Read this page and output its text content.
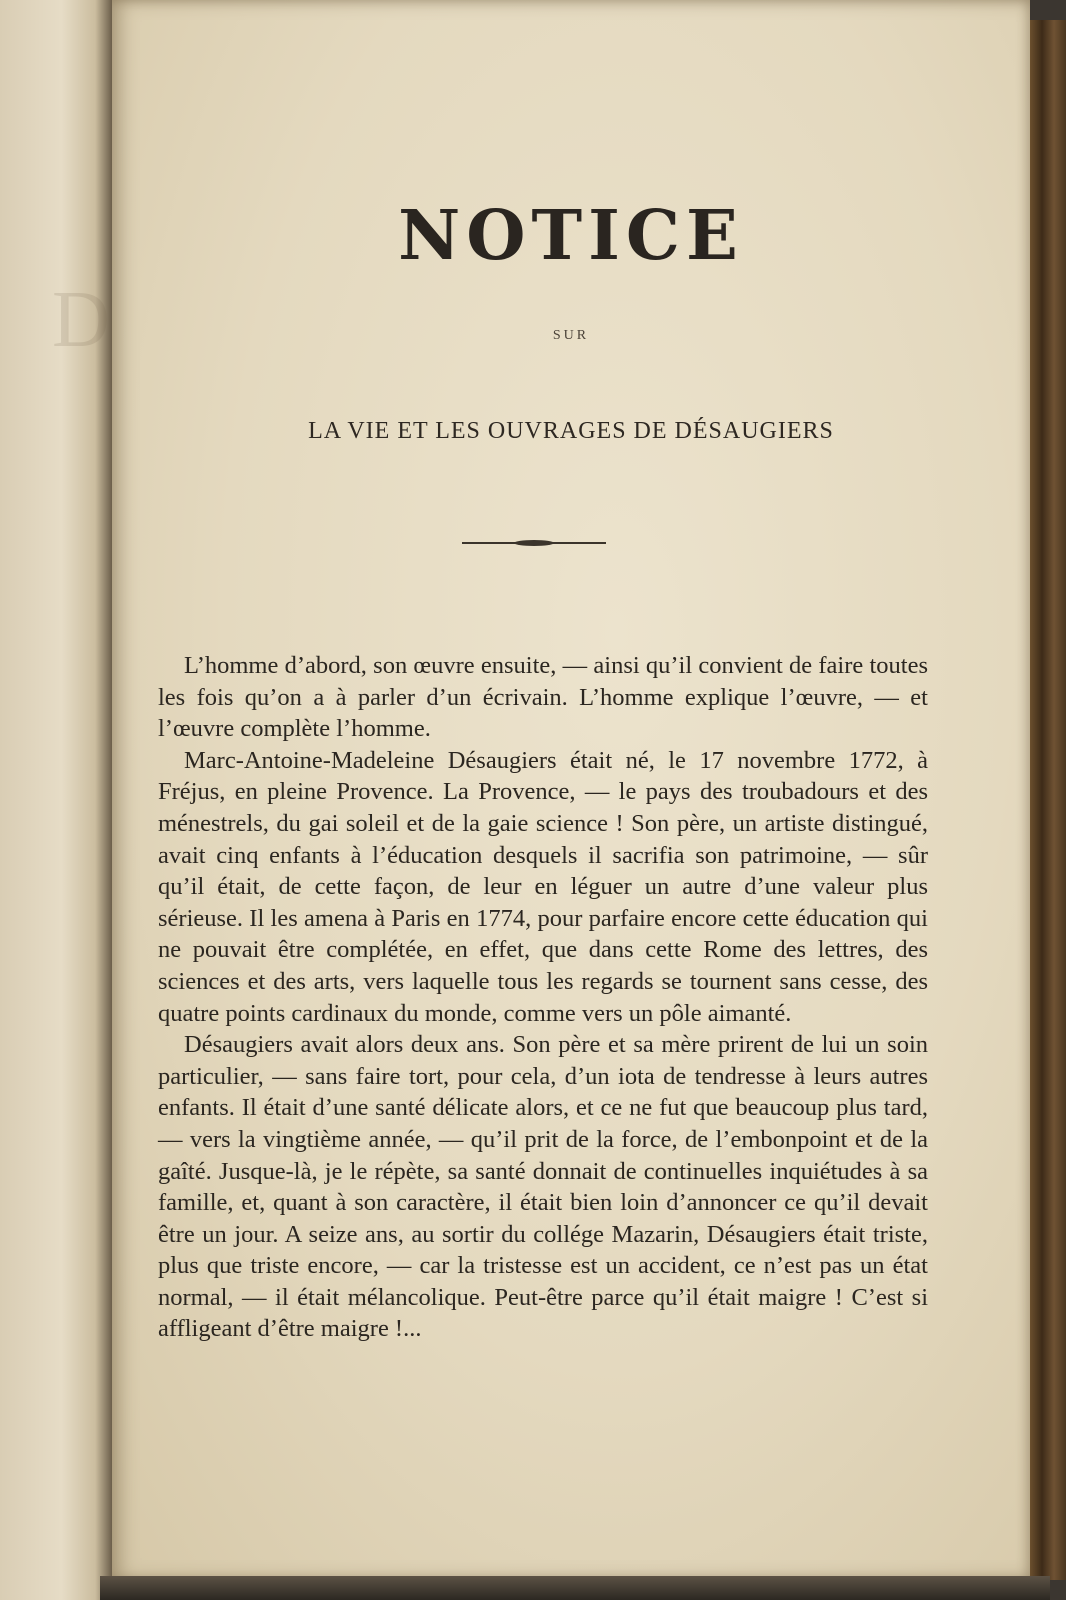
D
NOTICE
SUR
LA VIE ET LES OUVRAGES DE DÉSAUGIERS

L’homme d’abord, son œuvre ensuite, — ainsi qu’il convient de faire toutes les fois qu’on a à parler d’un écrivain. L’homme explique l’œuvre, — et l’œuvre complète l’homme.

Marc-Antoine-Madeleine Désaugiers était né, le 17 novembre 1772, à Fréjus, en pleine Provence. La Provence, — le pays des troubadours et des ménestrels, du gai soleil et de la gaie science ! Son père, un artiste distingué, avait cinq enfants à l’éducation desquels il sacrifia son patrimoine, — sûr qu’il était, de cette façon, de leur en léguer un autre d’une valeur plus sérieuse. Il les amena à Paris en 1774, pour parfaire encore cette éducation qui ne pouvait être complétée, en effet, que dans cette Rome des lettres, des sciences et des arts, vers laquelle tous les regards se tournent sans cesse, des quatre points cardinaux du monde, comme vers un pôle aimanté.

Désaugiers avait alors deux ans. Son père et sa mère prirent de lui un soin particulier, — sans faire tort, pour cela, d’un iota de tendresse à leurs autres enfants. Il était d’une santé délicate alors, et ce ne fut que beaucoup plus tard, — vers la vingtième année, — qu’il prit de la force, de l’embonpoint et de la gaîté. Jusque-là, je le répète, sa santé donnait de continuelles inquiétudes à sa famille, et, quant à son caractère, il était bien loin d’annoncer ce qu’il devait être un jour. A seize ans, au sortir du collége Mazarin, Désaugiers était triste, plus que triste encore, — car la tristesse est un accident, ce n’est pas un état normal, — il était mélancolique. Peut-être parce qu’il était maigre ! C’est si affligeant d’être maigre !...
